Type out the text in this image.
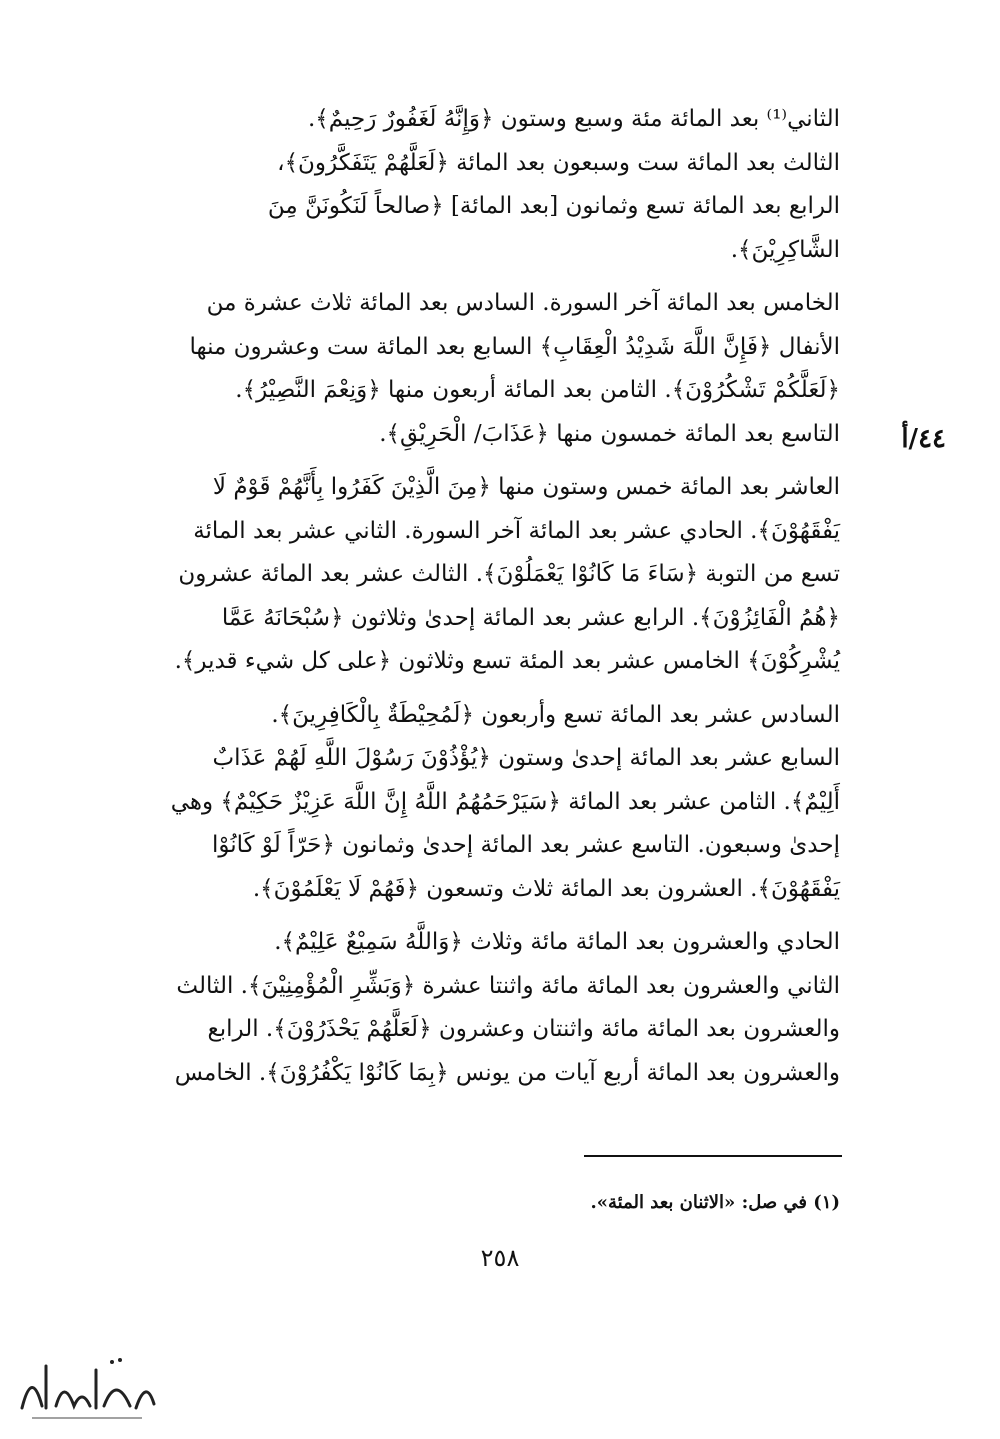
٤٤/أ
الثاني⁽¹⁾ بعد المائة مئة وسبع وستون ﴿وَإِنَّهُ لَغَفُورٌ رَحِيمٌ﴾.
الثالث بعد المائة ست وسبعون بعد المائة ﴿لَعَلَّهُمْ يَتَفَكَّرُونَ﴾،
الرابع بعد المائة تسع وثمانون [بعد المائة] ﴿صالحاً لَنَكُونَنَّ مِنَ
الشَّاكِرِيْنَ﴾.
الخامس بعد المائة آخر السورة. السادس بعد المائة ثلاث عشرة من
الأنفال ﴿فَإِنَّ اللَّهَ شَدِيْدُ الْعِقَابِ﴾ السابع بعد المائة ست وعشرون منها
﴿لَعَلَّكُمْ تَشْكُرُوْنَ﴾. الثامن بعد المائة أربعون منها ﴿وَنِعْمَ النَّصِيْرُ﴾.
التاسع بعد المائة خمسون منها ﴿عَذَابَ/ الْحَرِيْقِ﴾.
العاشر بعد المائة خمس وستون منها ﴿مِنَ الَّذِيْنَ كَفَرُوا بِأَنَّهُمْ قَوْمٌ لَا
يَفْقَهُوْنَ﴾. الحادي عشر بعد المائة آخر السورة. الثاني عشر بعد المائة
تسع من التوبة ﴿سَاءَ مَا كَانُوْا يَعْمَلُوْنَ﴾. الثالث عشر بعد المائة عشرون
﴿هُمُ الْفَائِزُوْنَ﴾. الرابع عشر بعد المائة إحدىٰ وثلاثون ﴿سُبْحَانَهُ عَمَّا
يُشْرِكُوْنَ﴾ الخامس عشر بعد المئة تسع وثلاثون ﴿على كل شيء قدير﴾.
السادس عشر بعد المائة تسع وأربعون ﴿لَمُحِيْطَةٌ بِالْكَافِرِينَ﴾.
السابع عشر بعد المائة إحدىٰ وستون ﴿يُؤْذُوْنَ رَسُوْلَ اللَّهِ لَهُمْ عَذَابٌ
أَلِيْمٌ﴾. الثامن عشر بعد المائة ﴿سَيَرْحَمُهُمُ اللَّهُ إِنَّ اللَّهَ عَزِيْزٌ حَكِيْمٌ﴾ وهي
إحدىٰ وسبعون. التاسع عشر بعد المائة إحدىٰ وثمانون ﴿حَرّاً لَوْ كَانُوْا
يَفْقَهُوْنَ﴾. العشرون بعد المائة ثلاث وتسعون ﴿فَهُمْ لَا يَعْلَمُوْنَ﴾.
الحادي والعشرون بعد المائة مائة وثلاث ﴿وَاللَّهُ سَمِيْعٌ عَلِيْمٌ﴾.
الثاني والعشرون بعد المائة مائة واثنتا عشرة ﴿وَبَشِّرِ الْمُؤْمِنِيْنَ﴾. الثالث
والعشرون بعد المائة مائة واثنتان وعشرون ﴿لَعَلَّهُمْ يَحْذَرُوْنَ﴾. الرابع
والعشرون بعد المائة أربع آيات من يونس ﴿بِمَا كَانُوْا يَكْفُرُوْنَ﴾. الخامس
(١) في صل: «الاثنان بعد المئة».
٢٥٨
